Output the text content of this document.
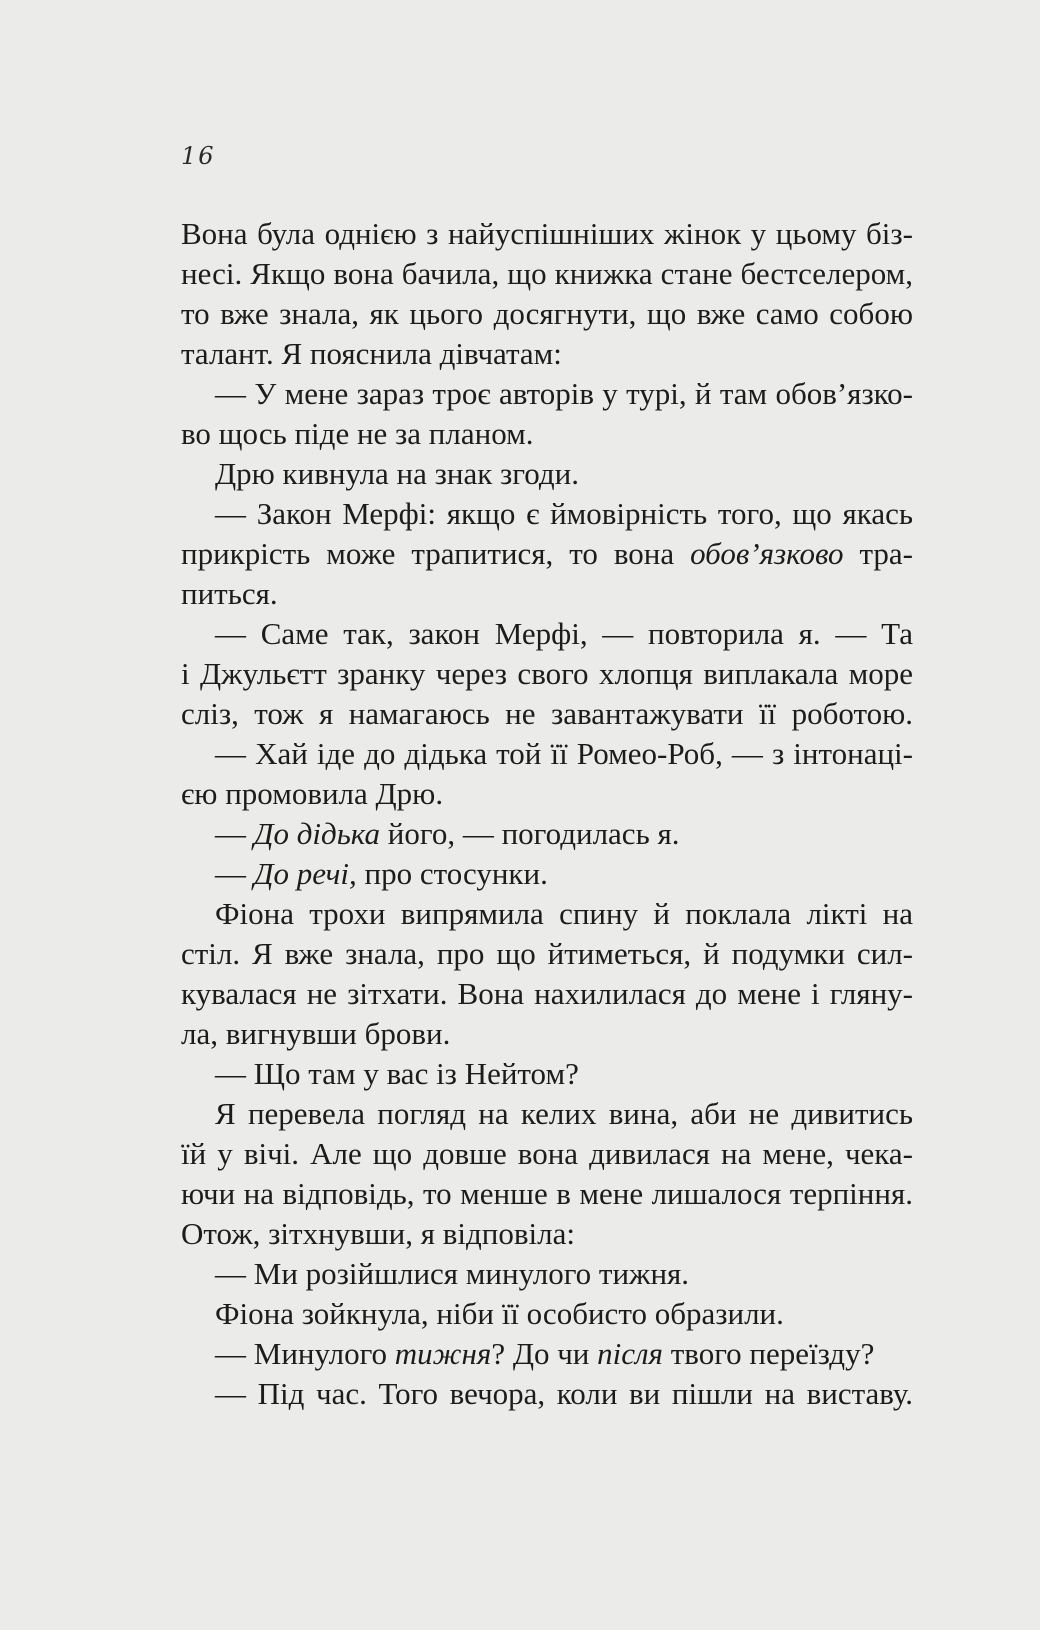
16

Вона була однією з найуспішніших жінок у цьому біз-
несі. Якщо вона бачила, що книжка стане бестселером,
то вже знала, як цього досягнути, що вже само собою
талант. Я пояснила дівчатам:
— У мене зараз троє авторів у турі, й там обов’язко-
во щось піде не за планом.
Дрю кивнула на знак згоди.
— Закон Мерфі: якщо є ймовірність того, що якась
прикрість може трапитися, то вона обов’язково тра-
питься.
— Саме так, закон Мерфі, — повторила я. — Та
і Джульєтт зранку через свого хлопця виплакала море
сліз, тож я намагаюсь не завантажувати її роботою.
— Хай іде до дідька той її Ромео-Роб, — з інтонаці-
єю промовила Дрю.
— До дідька його, — погодилась я.
— До речі, про стосунки.
Фіона трохи випрямила спину й поклала лікті на
стіл. Я вже знала, про що йтиметься, й подумки сил-
кувалася не зітхати. Вона нахилилася до мене і гляну-
ла, вигнувши брови.
— Що там у вас із Нейтом?
Я перевела погляд на келих вина, аби не дивитись
їй у вічі. Але що довше вона дивилася на мене, чека-
ючи на відповідь, то менше в мене лишалося терпіння.
Отож, зітхнувши, я відповіла:
— Ми розійшлися минулого тижня.
Фіона зойкнула, ніби її особисто образили.
— Минулого тижня? До чи після твого переїзду?
— Під час. Того вечора, коли ви пішли на виставу.
